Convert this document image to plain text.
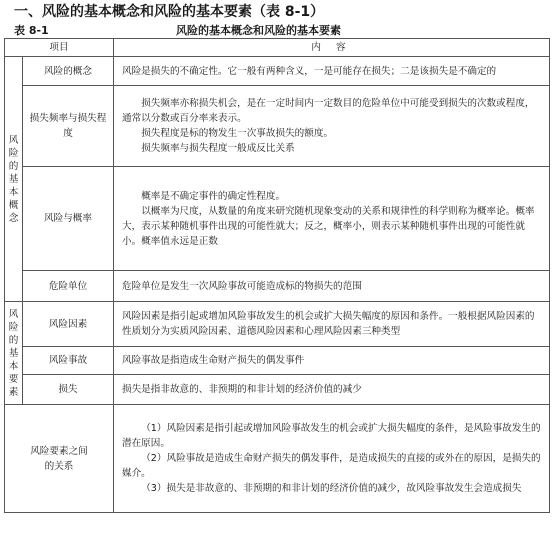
一、风险的基本概念和风险的基本要素（表 8-1）
表 8-1	风险的基本概念和风险的基本要素
项目		内 容
风险的基本概念	风险的概念	风险是损失的不确定性。它一般有两种含义，一是可能存在损失；二是该损失是不确定的

	损失频率与损失程度	损失频率亦称损失机会，是在一定时间内一定数目的危险单位中可能受到损失的次数或程度，通常以分数或百分率来表示。

损失程度是标的物发生一次事故损失的额度。

损失频率与损失程度一般成反比关系

	风险与概率	概率是不确定事件的确定性程度。

以概率为尺度，从数量的角度来研究随机现象变动的关系和规律性的科学则称为概率论。概率大，表示某种随机事件出现的可能性就大；反之，概率小，则表示某种随机事件出现的可能性就小。概率值永远是正数

	危险单位	危险单位是发生一次风险事故可能造成标的物损失的范围

风险的基本要素	风险因素	风险因素是指引起或增加风险事故发生的机会或扩大损失幅度的原因和条件。一般根据风险因素的性质划分为实质风险因素、道德风险因素和心理风险因素三种类型

	风险事故	风险事故是指造成生命财产损失的偶发事件

	损失	损失是指非故意的、非预期的和非计划的经济价值的减少

风险要素之间的关系		（1）风险因素是指引起或增加风险事故发生的机会或扩大损失幅度的条件，是风险事故发生的潜在原因。

（2）风险事故是造成生命财产损失的偶发事件，是造成损失的直接的或外在的原因，是损失的媒介。

（3）损失是非故意的、非预期的和非计划的经济价值的减少，故风险事故发生会造成损失
